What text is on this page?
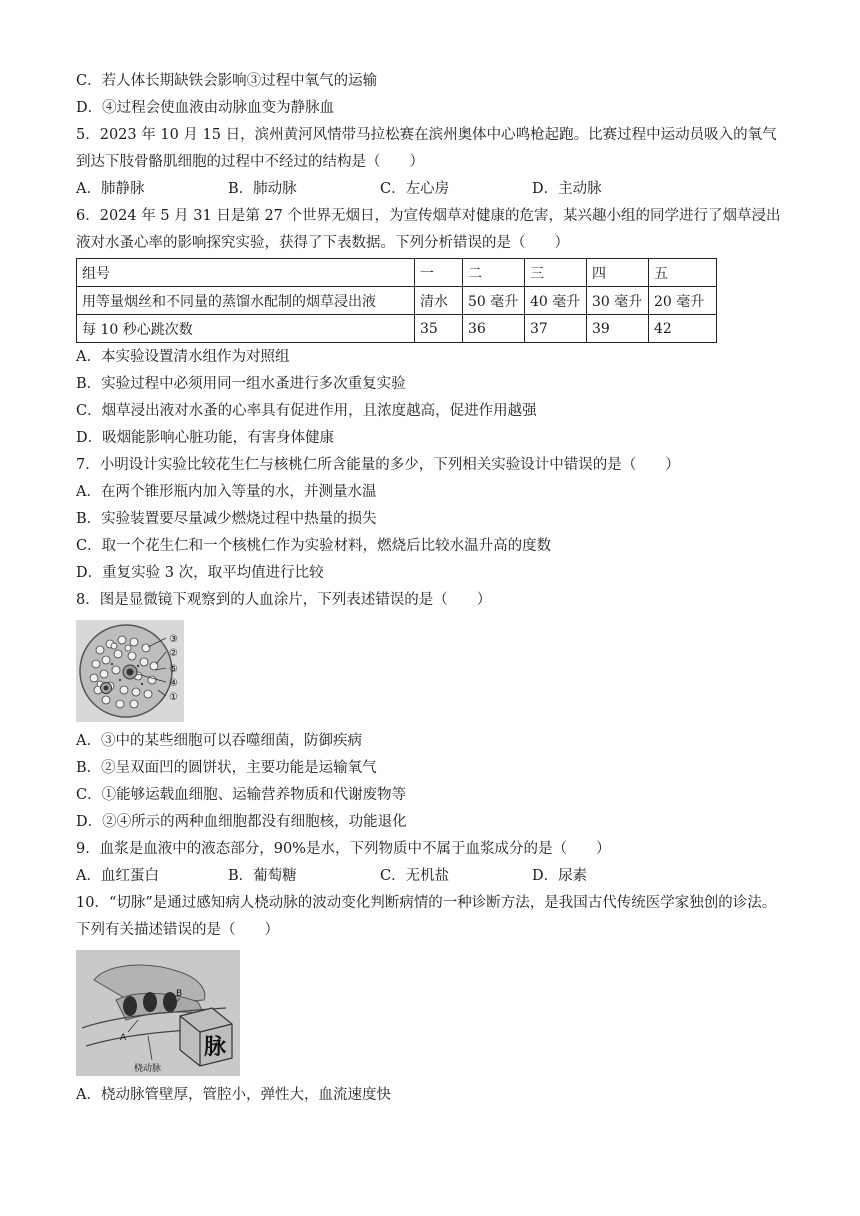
C．若人体长期缺铁会影响③过程中氧气的运输
D．④过程会使血液由动脉血变为静脉血
5．2023 年 10 月 15 日，滨州黄河风情带马拉松赛在滨州奥体中心鸣枪起跑。比赛过程中运动员吸入的氧气
到达下肢骨骼肌细胞的过程中不经过的结构是（　　）
A．肺静脉	B．肺动脉	C．左心房	D．主动脉
6．2024 年 5 月 31 日是第 27 个世界无烟日，为宣传烟草对健康的危害，某兴趣小组的同学进行了烟草浸出
液对水蚤心率的影响探究实验，获得了下表数据。下列分析错误的是（　　）
组号	一	二	三	四	五
用等量烟丝和不同量的蒸馏水配制的烟草浸出液	清水	50 毫升	40 毫升	30 毫升	20 毫升
每 10 秒心跳次数	35	36	37	39	42
A．本实验设置清水组作为对照组
B．实验过程中必须用同一组水蚤进行多次重复实验
C．烟草浸出液对水蚤的心率具有促进作用，且浓度越高，促进作用越强
D．吸烟能影响心脏功能，有害身体健康
7．小明设计实验比较花生仁与核桃仁所含能量的多少，下列相关实验设计中错误的是（　　）
A．在两个锥形瓶内加入等量的水，并测量水温
B．实验装置要尽量减少燃烧过程中热量的损失
C．取一个花生仁和一个核桃仁作为实验材料，燃烧后比较水温升高的度数
D．重复实验 3 次，取平均值进行比较
8．图是显微镜下观察到的人血涂片，下列表述错误的是（　　）
③
②
⑤
④
①
A．③中的某些细胞可以吞噬细菌，防御疾病
B．②呈双面凹的圆饼状，主要功能是运输氧气
C．①能够运载血细胞、运输营养物质和代谢废物等
D．②④所示的两种血细胞都没有细胞核，功能退化
9．血浆是血液中的液态部分，90%是水，下列物质中不属于血浆成分的是（　　）
A．血红蛋白	B．葡萄糖	C．无机盐	D．尿素
10．“切脉”是通过感知病人桡动脉的波动变化判断病情的一种诊断方法，是我国古代传统医学家独创的诊法。
下列有关描述错误的是（　　）
脉
A
B
桡动脉
A．桡动脉管壁厚，管腔小，弹性大，血流速度快
